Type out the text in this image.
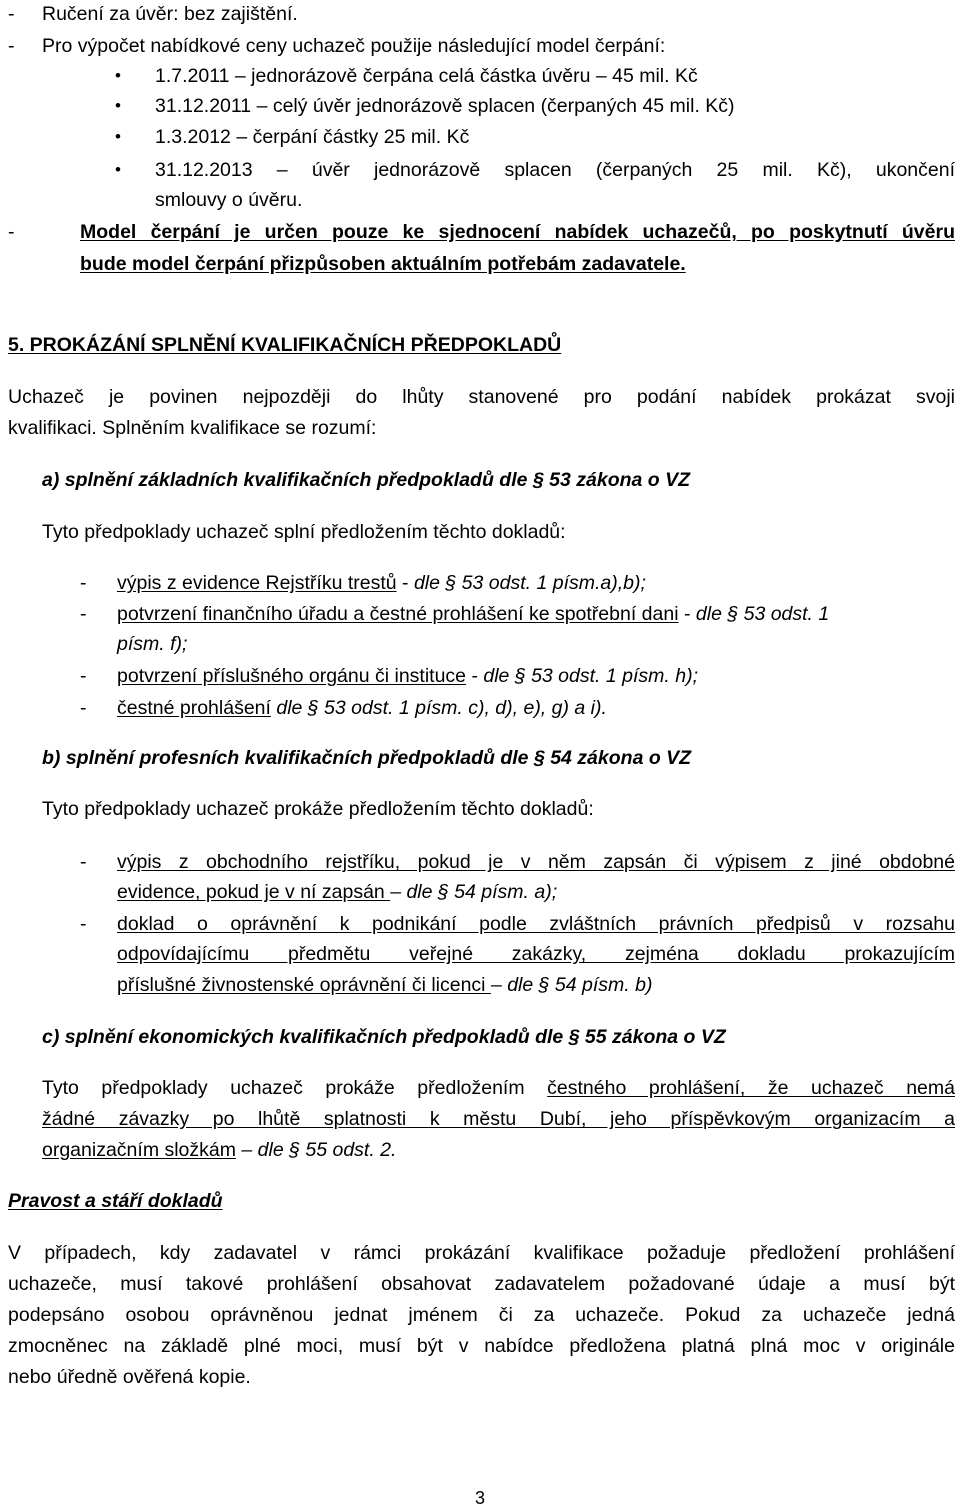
- Ručení za úvěr: bez zajištění.
- Pro výpočet nabídkové ceny uchazeč použije následující model čerpání:
1.7.2011 – jednorázově čerpána celá částka úvěru – 45 mil. Kč
31.12.2011 – celý úvěr jednorázově splacen (čerpaných 45 mil. Kč)
1.3.2012 – čerpání částky 25 mil. Kč
31.12.2013 – úvěr jednorázově splacen (čerpaných 25 mil. Kč), ukončení
smlouvy o úvěru.
-	Model čerpání je určen pouze ke sjednocení nabídek uchazečů, po poskytnutí úvěru
bude model čerpání přizpůsoben aktuálním potřebám zadavatele.
5. PROKÁZÁNÍ SPLNĚNÍ KVALIFIKAČNÍCH PŘEDPOKLADŮ
Uchazeč je povinen nejpozději do lhůty stanovené pro podání nabídek prokázat svoji
kvalifikaci. Splněním kvalifikace se rozumí:
a) splnění základních kvalifikačních předpokladů dle § 53 zákona o VZ
Tyto předpoklady uchazeč splní předložením těchto dokladů:
- výpis z evidence Rejstříku trestů - dle § 53 odst. 1 písm.a),b);
- potvrzení finančního úřadu a čestné prohlášení ke spotřební dani - dle § 53 odst. 1
písm. f);
- potvrzení příslušného orgánu či instituce - dle § 53 odst. 1 písm. h);
- čestné prohlášení dle § 53 odst. 1 písm. c), d), e), g) a i).
b) splnění profesních kvalifikačních předpokladů dle § 54 zákona o VZ
Tyto předpoklady uchazeč prokáže předložením těchto dokladů:
- výpis z obchodního rejstříku, pokud je v něm zapsán či výpisem z jiné obdobné
evidence, pokud je v ní zapsán – dle § 54 písm. a);
- doklad o oprávnění k podnikání podle zvláštních právních předpisů v rozsahu
odpovídajícímu předmětu veřejné zakázky, zejména dokladu prokazujícím
příslušné živnostenské oprávnění či licenci – dle § 54 písm. b)
c) splnění ekonomických kvalifikačních předpokladů dle § 55 zákona o VZ
Tyto předpoklady uchazeč prokáže předložením čestného prohlášení, že uchazeč nemá
žádné závazky po lhůtě splatnosti k městu Dubí, jeho příspěvkovým organizacím a
organizačním složkám – dle § 55 odst. 2.
Pravost a stáří dokladů
V případech, kdy zadavatel v rámci prokázání kvalifikace požaduje předložení prohlášení
uchazeče, musí takové prohlášení obsahovat zadavatelem požadované údaje a musí být
podepsáno osobou oprávněnou jednat jménem či za uchazeče. Pokud za uchazeče jedná
zmocněnec na základě plné moci, musí být v nabídce předložena platná plná moc v originále
nebo úředně ověřená kopie.
3
